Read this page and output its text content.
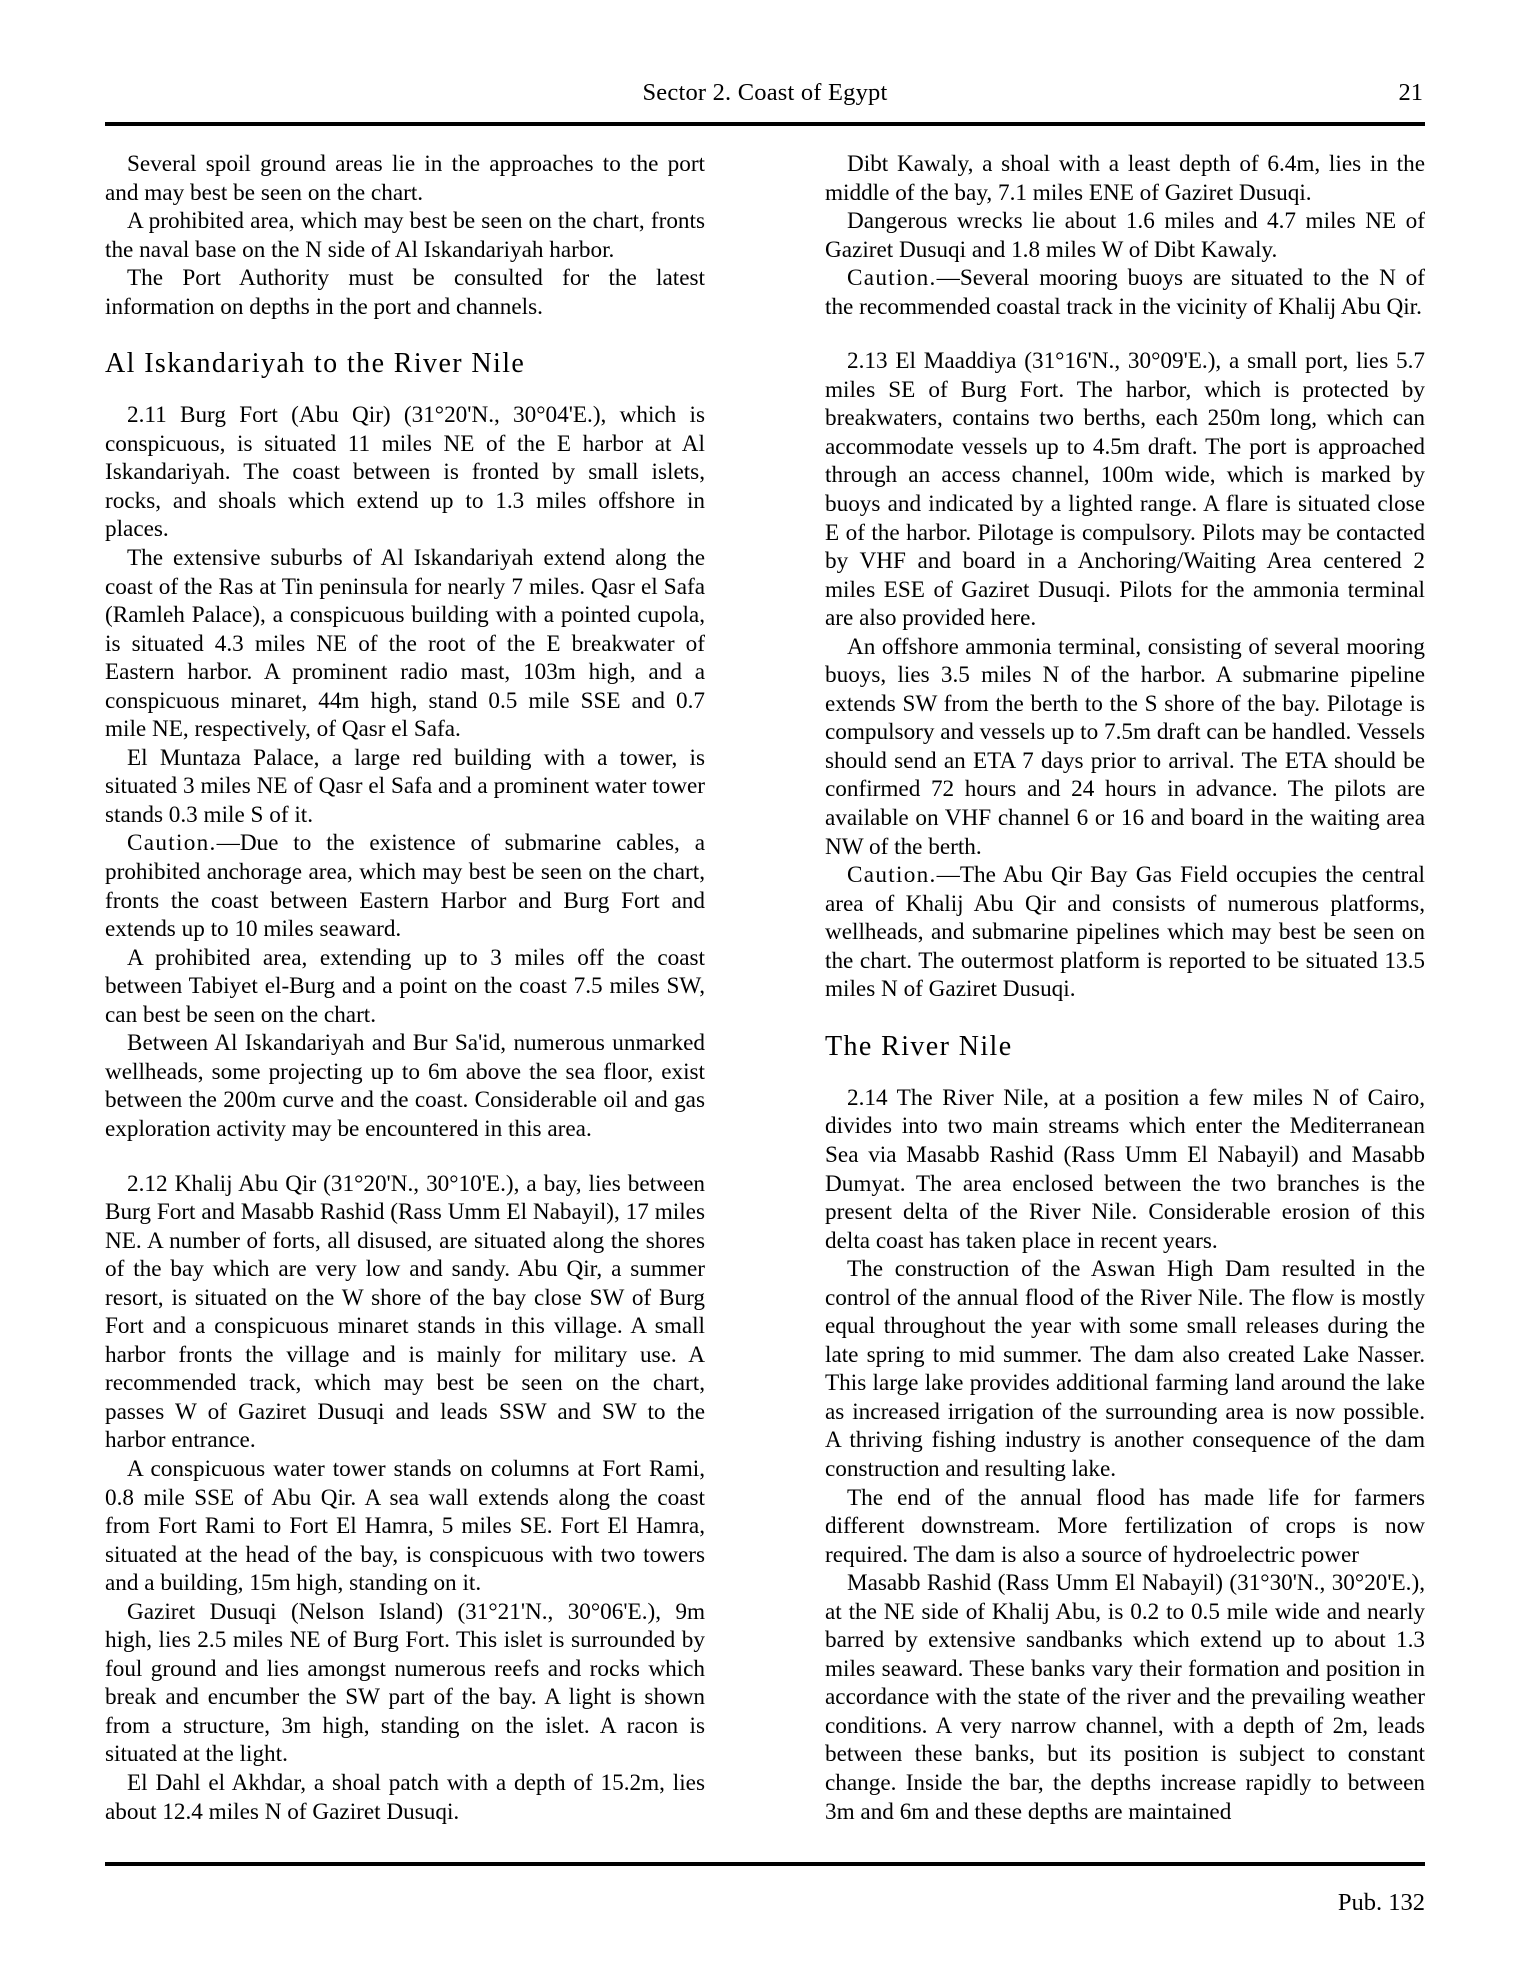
Sector 2. Coast of Egypt	21

Several spoil ground areas lie in the approaches to the port and may best be seen on the chart.

A prohibited area, which may best be seen on the chart, fronts the naval base on the N side of Al Iskandariyah harbor.

The Port Authority must be consulted for the latest information on depths in the port and channels.

Al Iskandariyah to the River Nile

2.11 Burg Fort (Abu Qir) (31°20'N., 30°04'E.), which is conspicuous, is situated 11 miles NE of the E harbor at Al Iskandariyah. The coast between is fronted by small islets, rocks, and shoals which extend up to 1.3 miles offshore in places.

The extensive suburbs of Al Iskandariyah extend along the coast of the Ras at Tin peninsula for nearly 7 miles. Qasr el Safa (Ramleh Palace), a conspicuous building with a pointed cupola, is situated 4.3 miles NE of the root of the E breakwater of Eastern harbor. A prominent radio mast, 103m high, and a conspicuous minaret, 44m high, stand 0.5 mile SSE and 0.7 mile NE, respectively, of Qasr el Safa.

El Muntaza Palace, a large red building with a tower, is situated 3 miles NE of Qasr el Safa and a prominent water tower stands 0.3 mile S of it.

Caution.—Due to the existence of submarine cables, a prohibited anchorage area, which may best be seen on the chart, fronts the coast between Eastern Harbor and Burg Fort and extends up to 10 miles seaward.

A prohibited area, extending up to 3 miles off the coast between Tabiyet el-Burg and a point on the coast 7.5 miles SW, can best be seen on the chart.

Between Al Iskandariyah and Bur Sa'id, numerous unmarked wellheads, some projecting up to 6m above the sea floor, exist between the 200m curve and the coast. Considerable oil and gas exploration activity may be encountered in this area.

2.12 Khalij Abu Qir (31°20'N., 30°10'E.), a bay, lies between Burg Fort and Masabb Rashid (Rass Umm El Nabayil), 17 miles NE. A number of forts, all disused, are situated along the shores of the bay which are very low and sandy. Abu Qir, a summer resort, is situated on the W shore of the bay close SW of Burg Fort and a conspicuous minaret stands in this village. A small harbor fronts the village and is mainly for military use. A recommended track, which may best be seen on the chart, passes W of Gaziret Dusuqi and leads SSW and SW to the harbor entrance.

A conspicuous water tower stands on columns at Fort Rami, 0.8 mile SSE of Abu Qir. A sea wall extends along the coast from Fort Rami to Fort El Hamra, 5 miles SE. Fort El Hamra, situated at the head of the bay, is conspicuous with two towers and a building, 15m high, standing on it.

Gaziret Dusuqi (Nelson Island) (31°21'N., 30°06'E.), 9m high, lies 2.5 miles NE of Burg Fort. This islet is surrounded by foul ground and lies amongst numerous reefs and rocks which break and encumber the SW part of the bay. A light is shown from a structure, 3m high, standing on the islet. A racon is situated at the light.

El Dahl el Akhdar, a shoal patch with a depth of 15.2m, lies about 12.4 miles N of Gaziret Dusuqi.

Dibt Kawaly, a shoal with a least depth of 6.4m, lies in the middle of the bay, 7.1 miles ENE of Gaziret Dusuqi.

Dangerous wrecks lie about 1.6 miles and 4.7 miles NE of Gaziret Dusuqi and 1.8 miles W of Dibt Kawaly.

Caution.—Several mooring buoys are situated to the N of the recommended coastal track in the vicinity of Khalij Abu Qir.

2.13 El Maaddiya (31°16'N., 30°09'E.), a small port, lies 5.7 miles SE of Burg Fort. The harbor, which is protected by breakwaters, contains two berths, each 250m long, which can accommodate vessels up to 4.5m draft. The port is approached through an access channel, 100m wide, which is marked by buoys and indicated by a lighted range. A flare is situated close E of the harbor. Pilotage is compulsory. Pilots may be contacted by VHF and board in a Anchoring/Waiting Area centered 2 miles ESE of Gaziret Dusuqi. Pilots for the ammonia terminal are also provided here.

An offshore ammonia terminal, consisting of several mooring buoys, lies 3.5 miles N of the harbor. A submarine pipeline extends SW from the berth to the S shore of the bay. Pilotage is compulsory and vessels up to 7.5m draft can be handled. Vessels should send an ETA 7 days prior to arrival. The ETA should be confirmed 72 hours and 24 hours in advance. The pilots are available on VHF channel 6 or 16 and board in the waiting area NW of the berth.

Caution.—The Abu Qir Bay Gas Field occupies the central area of Khalij Abu Qir and consists of numerous platforms, wellheads, and submarine pipelines which may best be seen on the chart. The outermost platform is reported to be situated 13.5 miles N of Gaziret Dusuqi.

The River Nile

2.14 The River Nile, at a position a few miles N of Cairo, divides into two main streams which enter the Mediterranean Sea via Masabb Rashid (Rass Umm El Nabayil) and Masabb Dumyat. The area enclosed between the two branches is the present delta of the River Nile. Considerable erosion of this delta coast has taken place in recent years.

The construction of the Aswan High Dam resulted in the control of the annual flood of the River Nile. The flow is mostly equal throughout the year with some small releases during the late spring to mid summer. The dam also created Lake Nasser. This large lake provides additional farming land around the lake as increased irrigation of the surrounding area is now possible. A thriving fishing industry is another consequence of the dam construction and resulting lake.

The end of the annual flood has made life for farmers different downstream. More fertilization of crops is now required. The dam is also a source of hydroelectric power

Masabb Rashid (Rass Umm El Nabayil) (31°30'N., 30°20'E.), at the NE side of Khalij Abu, is 0.2 to 0.5 mile wide and nearly barred by extensive sandbanks which extend up to about 1.3 miles seaward. These banks vary their formation and position in accordance with the state of the river and the prevailing weather conditions. A very narrow channel, with a depth of 2m, leads between these banks, but its position is subject to constant change. Inside the bar, the depths increase rapidly to between 3m and 6m and these depths are maintained

Pub. 132
